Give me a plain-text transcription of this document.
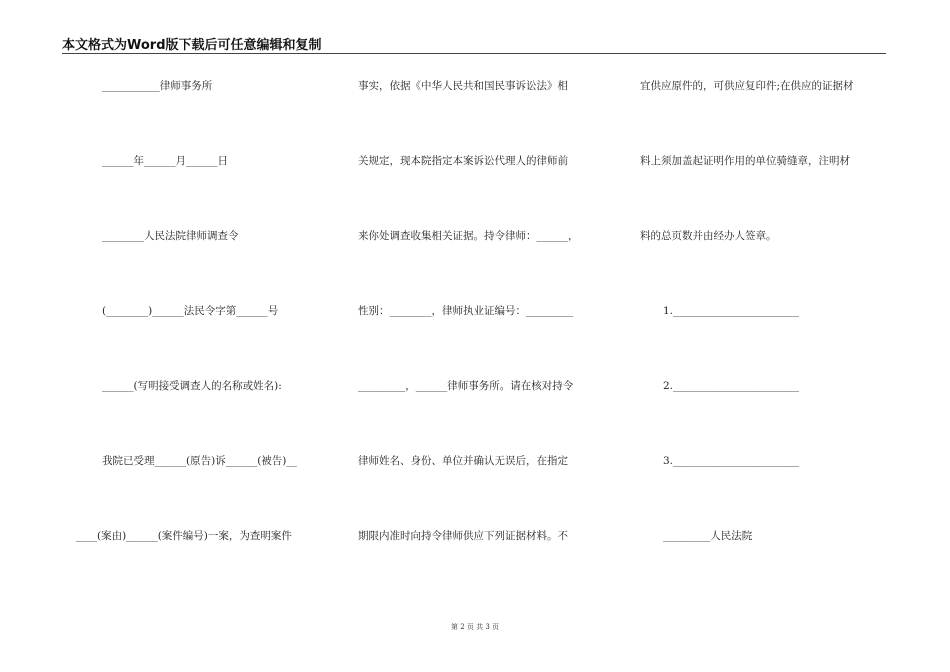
本文格式为Word版下载后可任意编辑和复制
___________律师事务所
______年______月______日
________人民法院律师调查令
(________)______法民令字第______号
______(写明接受调查人的名称或姓名):
我院已受理______(原告)诉______(被告)__
____(案由)______(案件编号)一案，为查明案件
事实，依据《中华人民共和国民事诉讼法》相
关规定，现本院指定本案诉讼代理人的律师前
来你处调查收集相关证据。持令律师：______，
性别：________，律师执业证编号：_________
_________，______律师事务所。请在核对持令
律师姓名、身份、单位并确认无误后，在指定
期限内准时向持令律师供应下列证据材料。不
宜供应原件的，可供应复印件;在供应的证据材
料上须加盖起证明作用的单位骑缝章，注明材
料的总页数并由经办人签章。
1.________________________
2.________________________
3.________________________
_________人民法院
第 2 页 共 3 页
